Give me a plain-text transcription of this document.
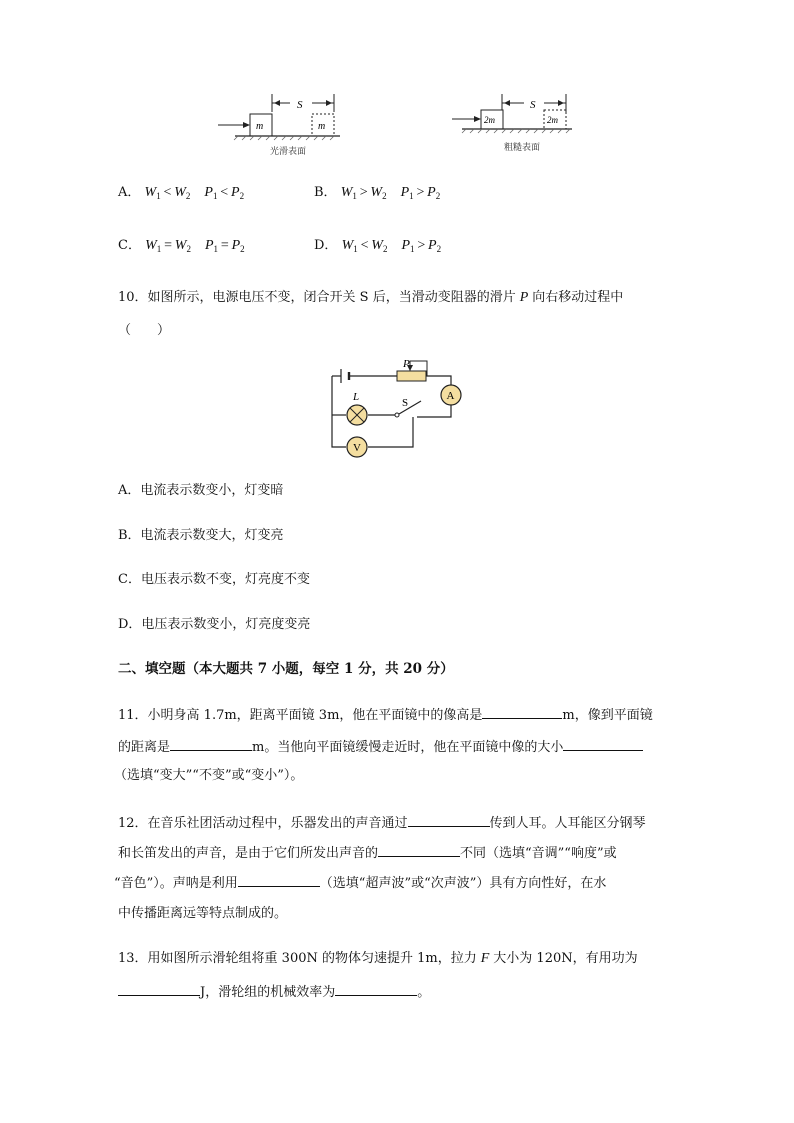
S
m	m
光滑表面
S
2m	2m
粗糙表面
A． $W_1 < W_2$  $P_1 < P_2$	B． $W_1 > W_2$  $P_1 > P_2$
C． $W_1 = W_2$  $P_1 = P_2$	D． $W_1 < W_2$  $P_1 > P_2$
10．如图所示，电源电压不变，闭合开关 S 后，当滑动变阻器的滑片 P 向右移动过程中
（　　）
P
A
L	S
V
A．电流表示数变小，灯变暗
B．电流表示数变大，灯变亮
C．电压表示数不变，灯亮度不变
D．电压表示数变小，灯亮度变亮
二、填空题（本大题共 7 小题，每空 1 分，共 20 分）
11．小明身高 1.7m，距离平面镜 3m，他在平面镜中的像高是	m，像到平面镜
的距离是	m。当他向平面镜缓慢走近时，他在平面镜中像的大小
（选填“变大”“不变”或“变小”）。
12．在音乐社团活动过程中，乐器发出的声音通过	传到人耳。人耳能区分钢琴
和长笛发出的声音，是由于它们所发出声音的	不同（选填“音调”“响度”或
“音色”）。声呐是利用	（选填“超声波”或“次声波”）具有方向性好，在水
中传播距离远等特点制成的。
13．用如图所示滑轮组将重 300N 的物体匀速提升 1m，拉力 F 大小为 120N，有用功为
J，滑轮组的机械效率为	。
